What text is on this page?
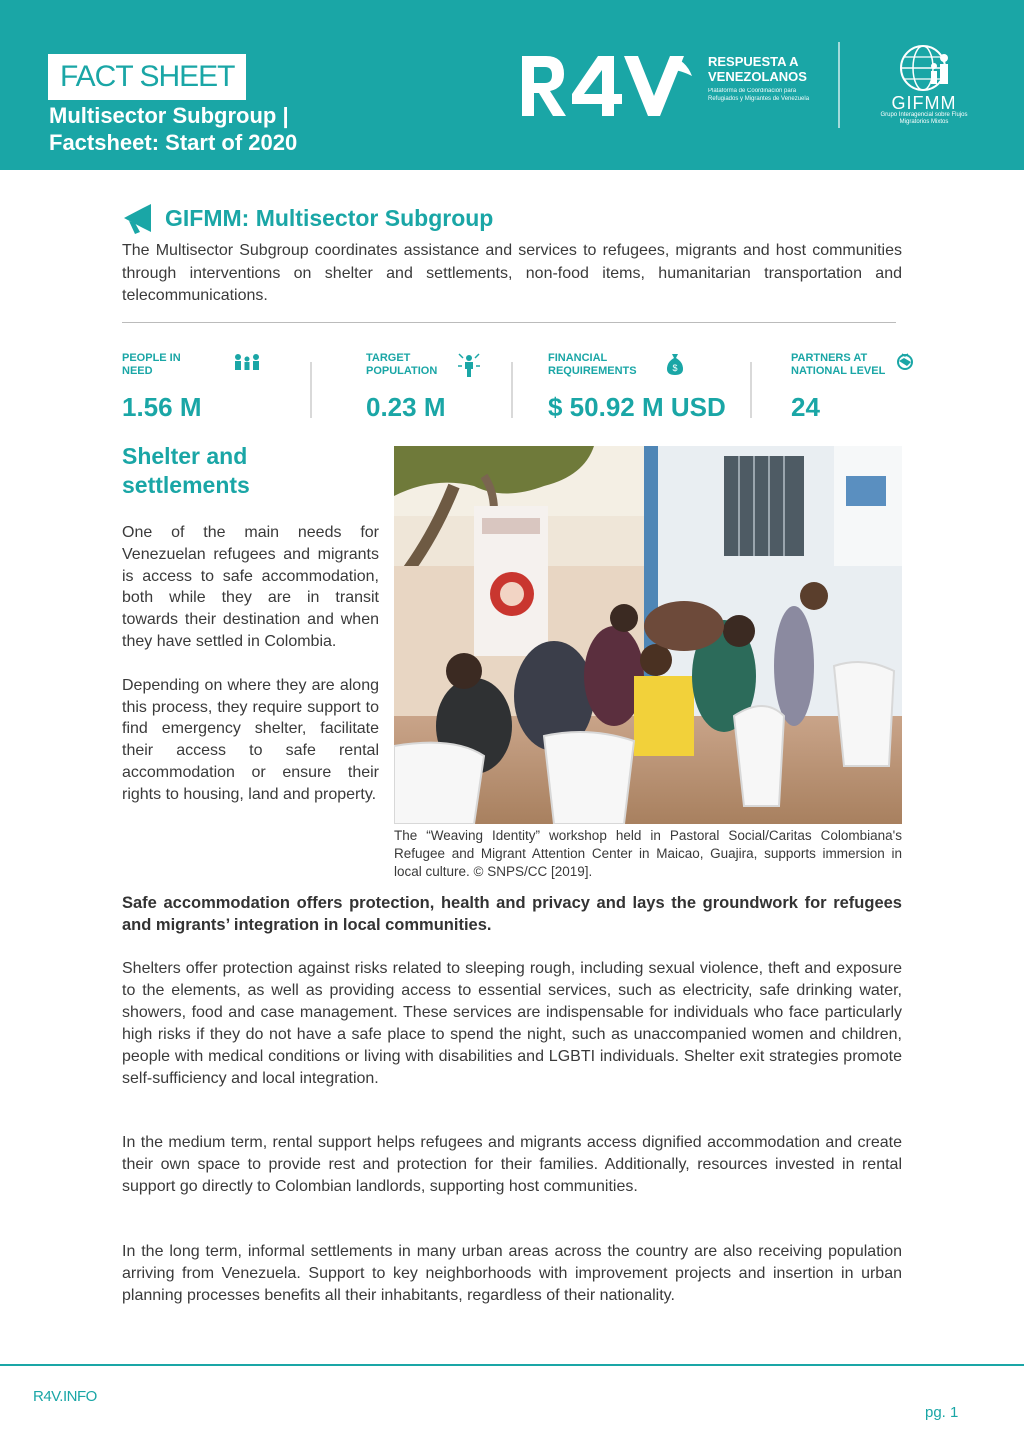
FACT SHEET
Multisector Subgroup |
Factsheet: Start of 2020
RESPUESTA A
VENEZOLANOS
Plataforma de Coordinación para Refugiados y Migrantes de Venezuela	GIFMM
Grupo Interagencial sobre Flujos Migratorios Mixtos
GIFMM: Multisector Subgroup
The Multisector Subgroup coordinates assistance and services to refugees, migrants and host communities through interventions on shelter and settlements, non-food items, humanitarian transportation and telecommunications.
PEOPLE IN NEED
1.56 M
TARGET POPULATION
0.23 M
FINANCIAL REQUIREMENTS	$
$ 50.92 M USD
PARTNERS AT NATIONAL LEVEL
24
Shelter and settlements

One of the main needs for Venezuelan refugees and migrants is access to safe accommodation, both while they are in transit towards their destination and when they have settled in Colombia.

Depending on where they are along this process, they require support to find emergency shelter, facilitate their access to safe rental accommodation or ensure their rights to housing, land and property.

The “Weaving Identity” workshop held in Pastoral Social/Caritas Colombiana's Refugee and Migrant Attention Center in Maicao, Guajira, supports immersion in local culture. © SNPS/CC [2019].
Safe accommodation offers protection, health and privacy and lays the groundwork for refugees and migrants’ integration in local communities.
Shelters offer protection against risks related to sleeping rough, including sexual violence, theft and exposure to the elements, as well as providing access to essential services, such as electricity, safe drinking water, showers, food and case management. These services are indispensable for individuals who face particularly high risks if they do not have a safe place to spend the night, such as unaccompanied women and children, people with medical conditions or living with disabilities and LGBTI individuals. Shelter exit strategies promote self-sufficiency and local integration.
In the medium term, rental support helps refugees and migrants access dignified accommodation and create their own space to provide rest and protection for their families. Additionally, resources invested in rental support go directly to Colombian landlords, supporting host communities.
In the long term, informal settlements in many urban areas across the country are also receiving population arriving from Venezuela. Support to key neighborhoods with improvement projects and insertion in urban planning processes benefits all their inhabitants, regardless of their nationality.
R4V.INFO
pg. 1
